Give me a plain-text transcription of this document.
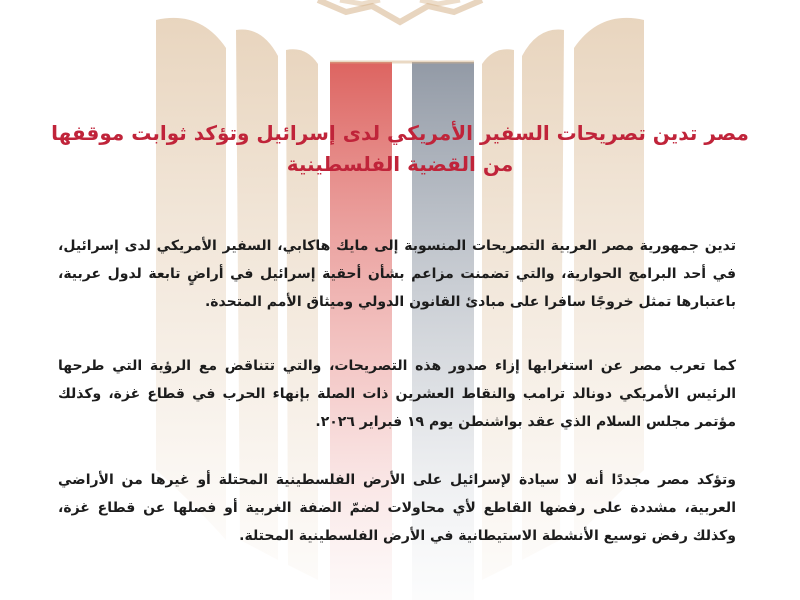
مصر تدين تصريحات السفير الأمريكي لدى إسرائيل وتؤكد ثوابت موقفها من القضية الفلسطينية

تدين جمهورية مصر العربية التصريحات المنسوبة إلى مايك هاكابي، السفير الأمريكي لدى إسرائيل، في أحد البرامج الحوارية، والتي تضمنت مزاعم بشأن أحقية إسرائيل في أراضٍ تابعة لدول عربية، باعتبارها تمثل خروجًا سافرا على مبادئ القانون الدولي وميثاق الأمم المتحدة.

كما تعرب مصر عن استغرابها إزاء صدور هذه التصريحات، والتي تتناقض مع الرؤية التي طرحها الرئيس الأمريكي دونالد ترامب والنقاط العشرين ذات الصلة بإنهاء الحرب في قطاع غزة، وكذلك مؤتمر مجلس السلام الذي عقد بواشنطن يوم ١٩ فبراير ٢٠٢٦.

وتؤكد مصر مجددًا أنه لا سيادة لإسرائيل على الأرض الفلسطينية المحتلة أو غيرها من الأراضي العربية، مشددة على رفضها القاطع لأي محاولات لضمّ الضفة الغربية أو فصلها عن قطاع غزة، وكذلك رفض توسيع الأنشطة الاستيطانية في الأرض الفلسطينية المحتلة.
